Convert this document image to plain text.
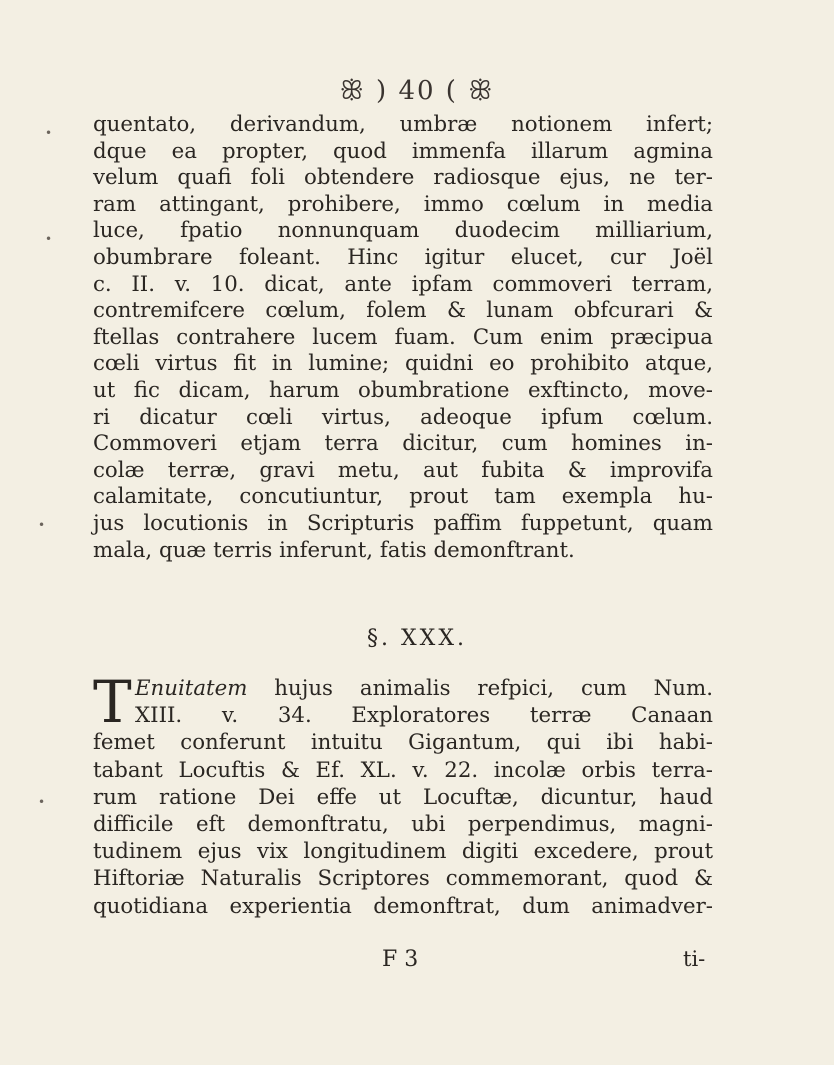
ꕥ ) 40 ( ꕥ
quentato, derivandum, umbræ notionem infert;
dque ea propter, quod immenfa illarum agmina
velum quafi foli obtendere radiosque ejus, ne ter-
ram attingant, prohibere, immo cœlum in media
luce, fpatio nonnunquam duodecim milliarium,
obumbrare foleant. Hinc igitur elucet, cur Joël
c. II. v. 10. dicat, ante ipfam commoveri terram,
contremifcere cœlum, folem & lunam obfcurari &
ftellas contrahere lucem fuam. Cum enim præcipua
cœli virtus fit in lumine; quidni eo prohibito atque,
ut fic dicam, harum obumbratione exftincto, move-
ri dicatur cœli virtus, adeoque ipfum cœlum.
Commoveri etjam terra dicitur, cum homines in-
colæ terræ, gravi metu, aut fubita & improvifa
calamitate, concutiuntur, prout tam exempla hu-
jus locutionis in Scripturis paffim fuppetunt, quam
mala, quæ terris inferunt, fatis demonftrant.
§. XXX.
T Enuitatem hujus animalis refpici, cum Num.
XIII. v. 34. Exploratores terræ Canaan
femet conferunt intuitu Gigantum, qui ibi habi-
tabant Locuftis & Ef. XL. v. 22. incolæ orbis terra-
rum ratione Dei effe ut Locuftæ, dicuntur, haud
difficile eft demonftratu, ubi perpendimus, magni-
tudinem ejus vix longitudinem digiti excedere, prout
Hiftoriæ Naturalis Scriptores commemorant, quod &
quotidiana experientia demonftrat, dum animadver-
F 3	ti-
•
•
•
•
